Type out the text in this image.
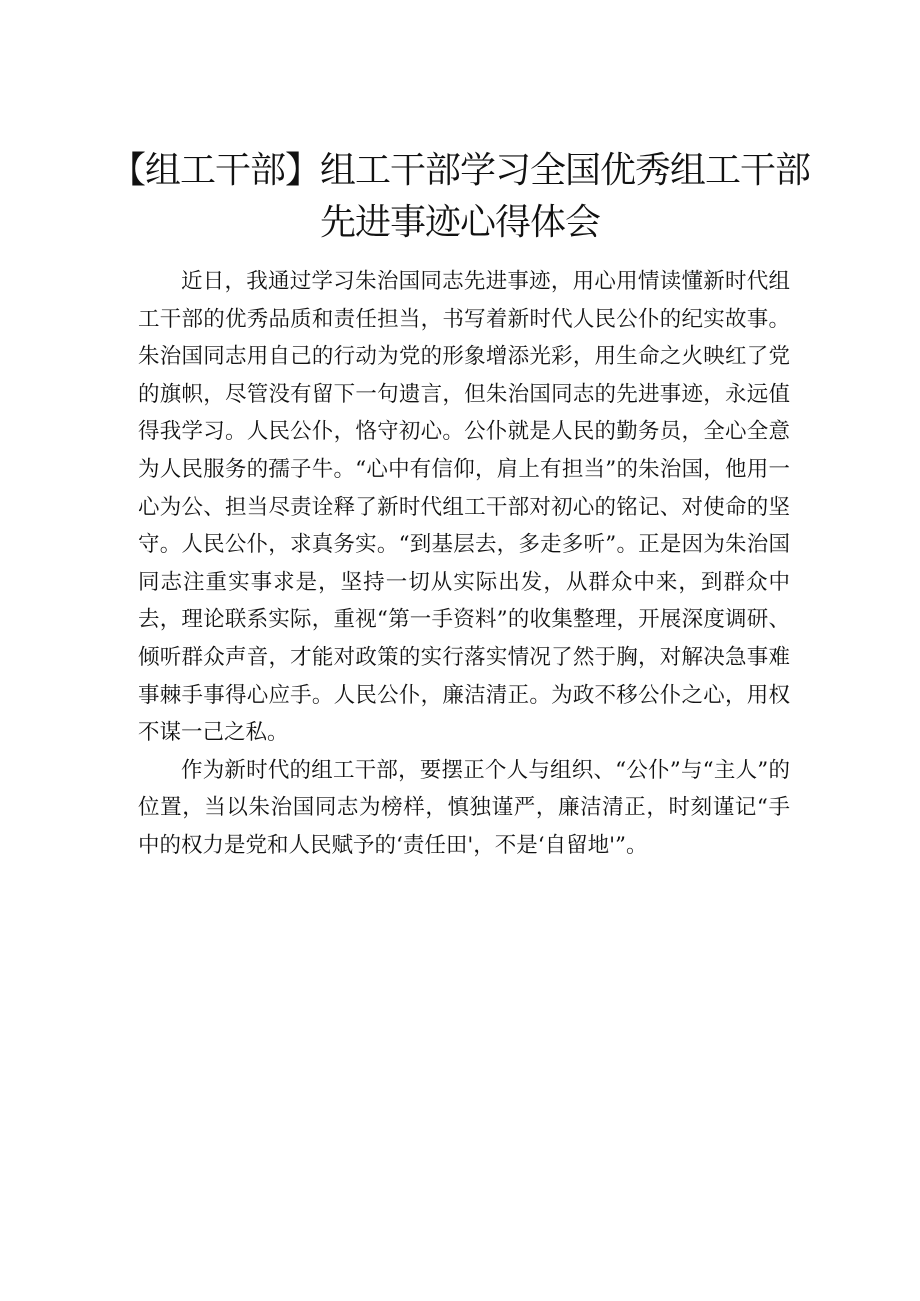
【组工干部】组工干部学习全国优秀组工干部
先进事迹心得体会

近日，我通过学习朱治国同志先进事迹，用心用情读懂新时代组工干部的优秀品质和责任担当，书写着新时代人民公仆的纪实故事。朱治国同志用自己的行动为党的形象增添光彩，用生命之火映红了党的旗帜，尽管没有留下一句遗言，但朱治国同志的先进事迹，永远值得我学习。人民公仆，恪守初心。公仆就是人民的勤务员，全心全意为人民服务的孺子牛。“心中有信仰，肩上有担当”的朱治国，他用一心为公、担当尽责诠释了新时代组工干部对初心的铭记、对使命的坚守。人民公仆，求真务实。“到基层去，多走多听”。正是因为朱治国同志注重实事求是，坚持一切从实际出发，从群众中来，到群众中去，理论联系实际，重视“第一手资料”的收集整理，开展深度调研、倾听群众声音，才能对政策的实行落实情况了然于胸，对解决急事难事棘手事得心应手。人民公仆，廉洁清正。为政不移公仆之心，用权不谋一己之私。

作为新时代的组工干部，要摆正个人与组织、“公仆”与“主人”的位置，当以朱治国同志为榜样，慎独谨严，廉洁清正，时刻谨记“手中的权力是党和人民赋予的‘责任田'，不是‘自留地'”。
